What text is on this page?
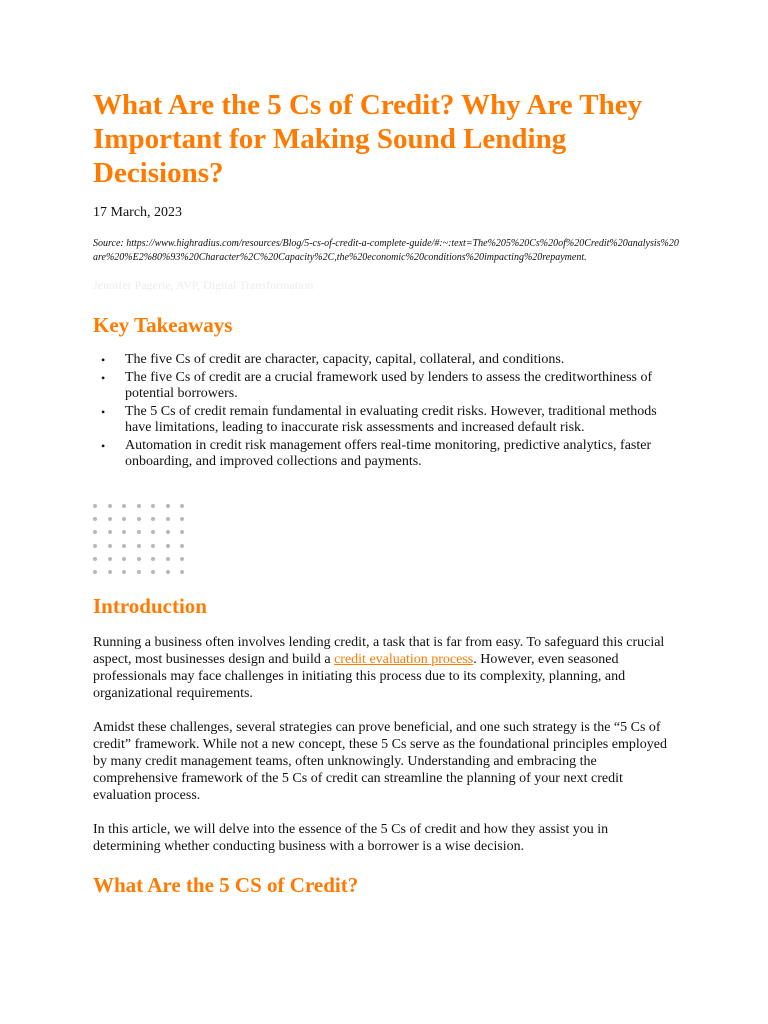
What Are the 5 Cs of Credit? Why Are They Important for Making Sound Lending Decisions?
17 March, 2023
Source: https://www.highradius.com/resources/Blog/5-cs-of-credit-a-complete-guide/#:~:text=The%205%20Cs%20of%20Credit%20analysis%20are%20%E2%80%93%20Character%2C%20Capacity%2C,the%20economic%20conditions%20impacting%20repayment.
Jennifer Pagerie, AVP, Digital Transformation
Key Takeaways
• The five Cs of credit are character, capacity, capital, collateral, and conditions.
• The five Cs of credit are a crucial framework used by lenders to assess the creditworthiness of potential borrowers.
• The 5 Cs of credit remain fundamental in evaluating credit risks. However, traditional methods have limitations, leading to inaccurate risk assessments and increased default risk.
• Automation in credit risk management offers real-time monitoring, predictive analytics, faster onboarding, and improved collections and payments.
Introduction

Running a business often involves lending credit, a task that is far from easy. To safeguard this crucial aspect, most businesses design and build a credit evaluation process. However, even seasoned professionals may face challenges in initiating this process due to its complexity, planning, and organizational requirements.

Amidst these challenges, several strategies can prove beneficial, and one such strategy is the “5 Cs of credit” framework. While not a new concept, these 5 Cs serve as the foundational principles employed by many credit management teams, often unknowingly. Understanding and embracing the comprehensive framework of the 5 Cs of credit can streamline the planning of your next credit evaluation process.

In this article, we will delve into the essence of the 5 Cs of credit and how they assist you in determining whether conducting business with a borrower is a wise decision.

What Are the 5 CS of Credit?
